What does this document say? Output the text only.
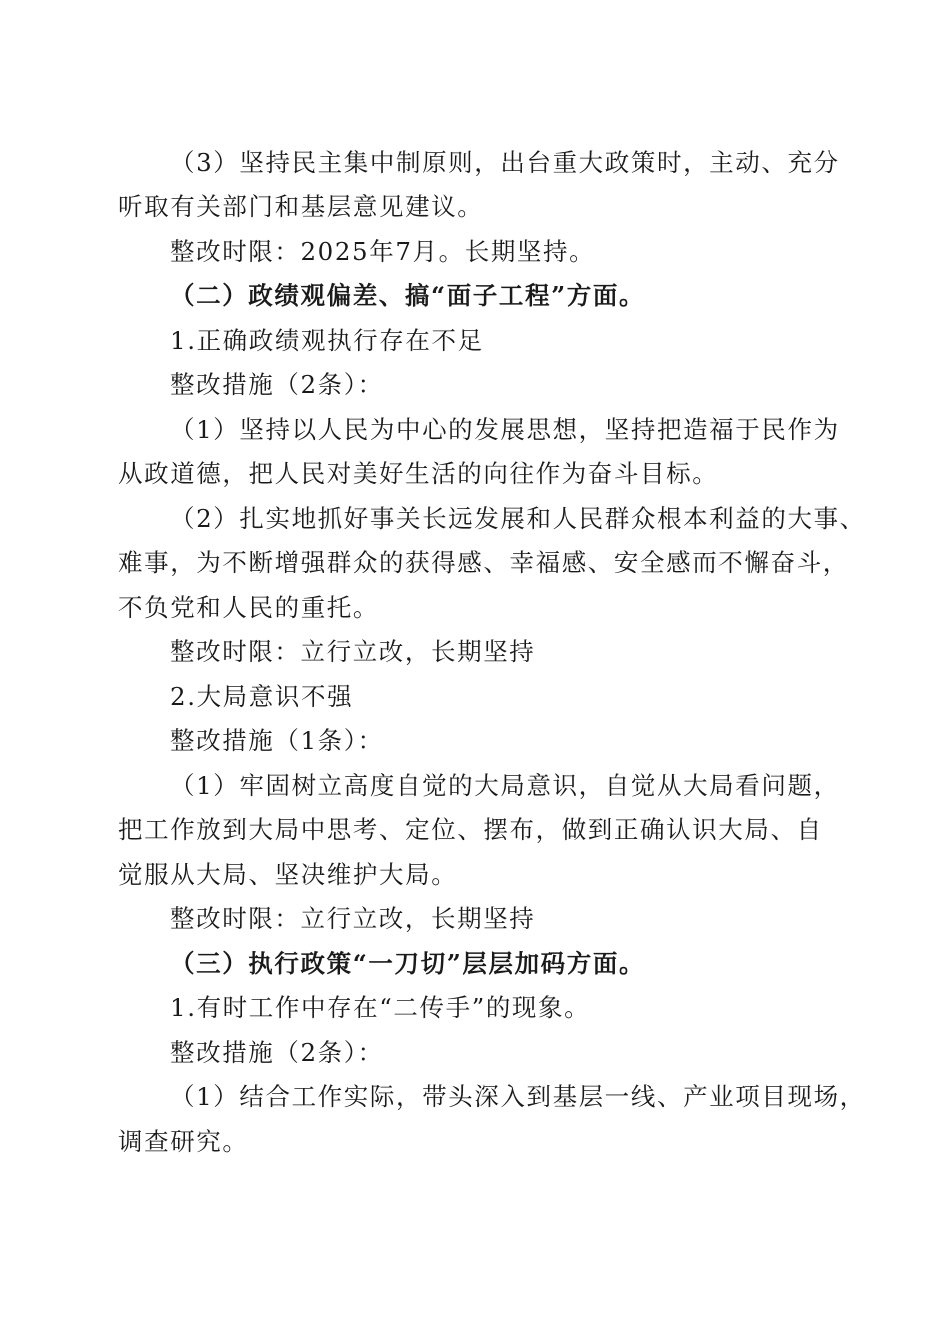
（3）坚持民主集中制原则，出台重大政策时，主动、充分
听取有关部门和基层意见建议。
整改时限：2025年7月。长期坚持。
（二）政绩观偏差、搞“面子工程”方面。
1.正确政绩观执行存在不足
整改措施（2条）：
（1）坚持以人民为中心的发展思想，坚持把造福于民作为
从政道德，把人民对美好生活的向往作为奋斗目标。
（2）扎实地抓好事关长远发展和人民群众根本利益的大事、
难事，为不断增强群众的获得感、幸福感、安全感而不懈奋斗，
不负党和人民的重托。
整改时限：立行立改，长期坚持
2.大局意识不强
整改措施（1条）：
（1）牢固树立高度自觉的大局意识，自觉从大局看问题，
把工作放到大局中思考、定位、摆布，做到正确认识大局、自
觉服从大局、坚决维护大局。
整改时限：立行立改，长期坚持
（三）执行政策“一刀切”层层加码方面。
1.有时工作中存在“二传手”的现象。
整改措施（2条）：
（1）结合工作实际，带头深入到基层一线、产业项目现场，
调查研究。
